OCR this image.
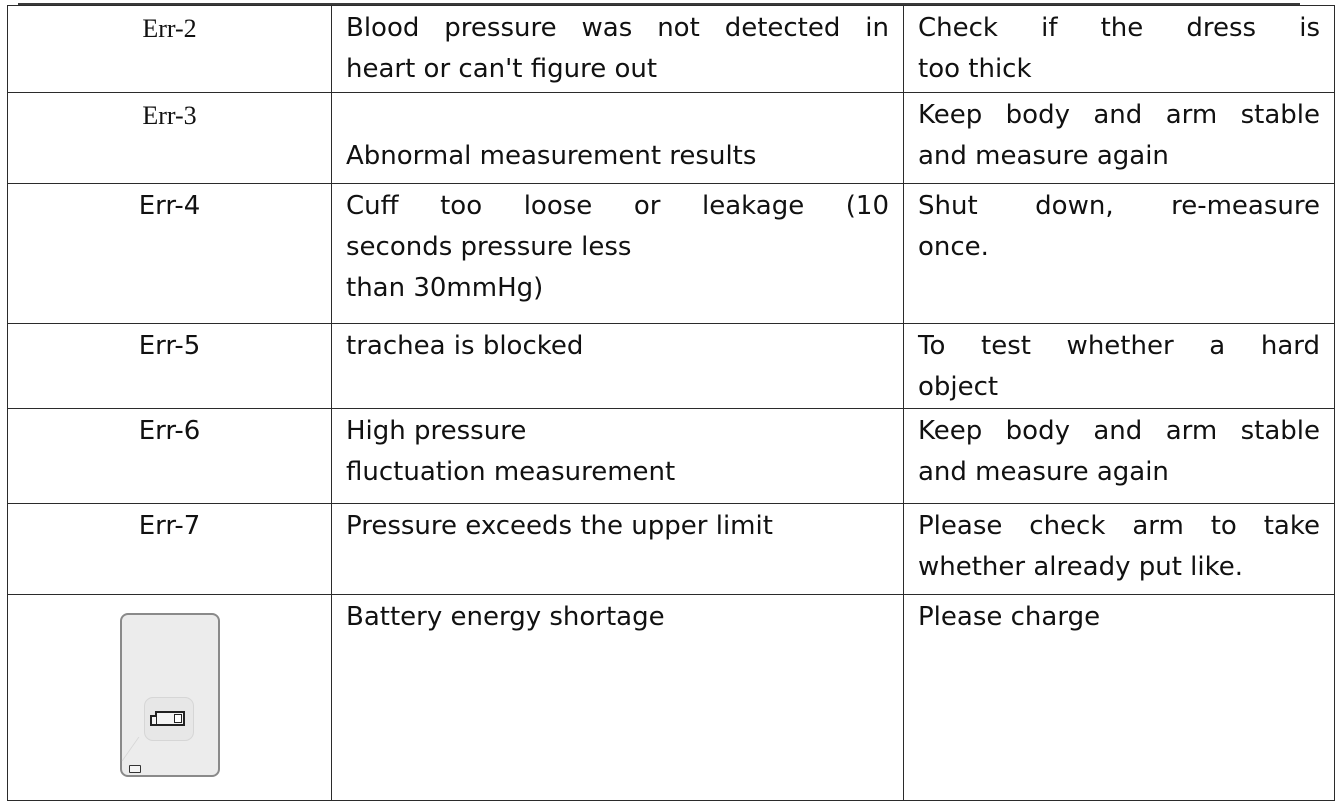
Err-2	Blood pressure was not detected in
heart or can't figure out	Check if the dress is
too thick

Err-3	Abnormal measurement results	Keep body and arm stable
and measure again

Err-4	Cuff too loose or leakage (10
seconds pressure less
than 30mmHg)	Shut down, re-measure
once.

Err-5	trachea is blocked	To test whether a hard
object

Err-6	High pressure
fluctuation measurement	Keep body and arm stable
and measure again

Err-7	Pressure exceeds the upper limit	Please check arm to take
whether already put like.

	Battery energy shortage	Please charge
